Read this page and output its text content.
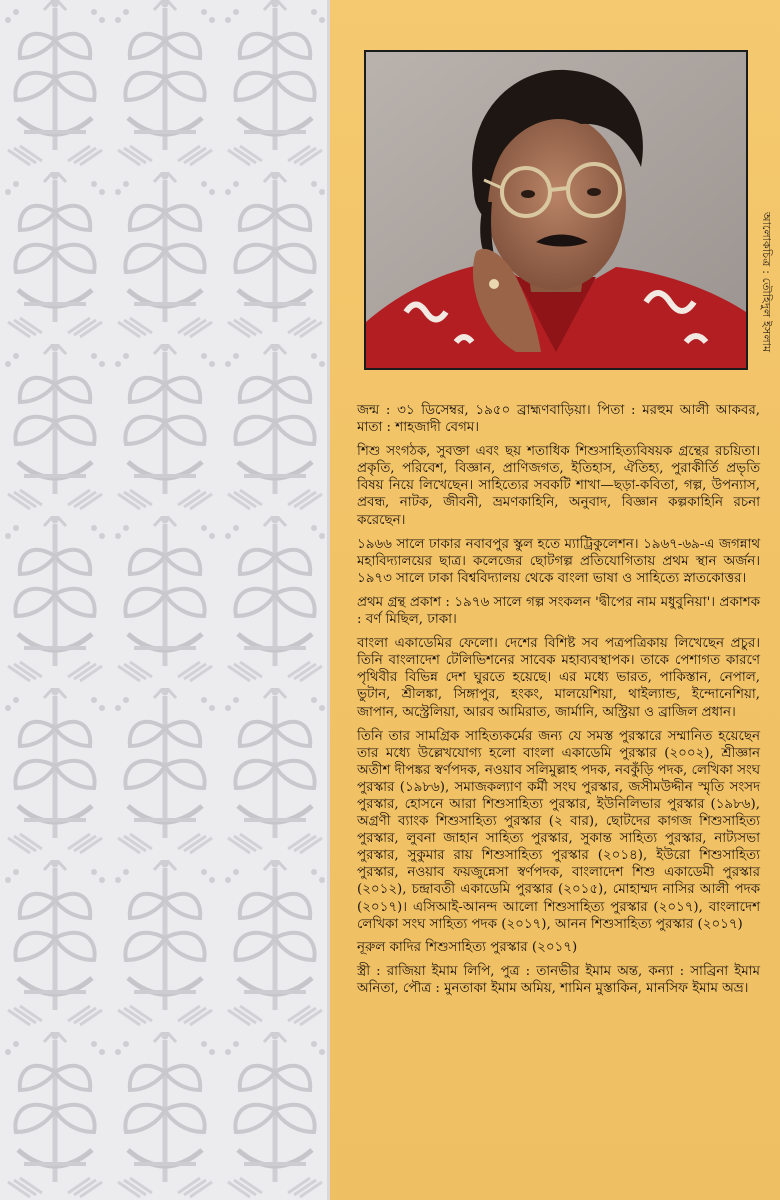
আলোকচিত্র : তৌহিদুল ইসলাম

জন্ম : ৩১ ডিসেম্বর, ১৯৫০ ব্রাহ্মণবাড়িয়া। পিতা : মরহুম আলী আকবর, মাতা : শাহজাদী বেগম।

শিশু সংগঠক, সুবক্তা এবং ছয় শতাধিক শিশুসাহিত্যবিষয়ক গ্রন্থের রচয়িতা। প্রকৃতি, পরিবেশ, বিজ্ঞান, প্রাণিজগত, ইতিহাস, ঐতিহ্য, পুরাকীর্তি প্রভৃতি বিষয় নিয়ে লিখেছেন। সাহিত্যের সবকটি শাখা—ছড়া-কবিতা, গল্প, উপন্যাস, প্রবন্ধ, নাটক, জীবনী, ভ্রমণকাহিনি, অনুবাদ, বিজ্ঞান কল্পকাহিনি রচনা করেছেন।

১৯৬৬ সালে ঢাকার নবাবপুর স্কুল হতে ম্যাট্রিকুলেশন। ১৯৬৭-৬৯-এ জগন্নাথ মহাবিদ্যালয়ের ছাত্র। কলেজের ছোটগল্প প্রতিযোগিতায় প্রথম স্থান অর্জন। ১৯৭৩ সালে ঢাকা বিশ্ববিদ্যালয় থেকে বাংলা ভাষা ও সাহিত্যে স্নাতকোত্তর।

প্রথম গ্রন্থ প্রকাশ : ১৯৭৬ সালে গল্প সংকলন 'দ্বীপের নাম মধুবুনিয়া'। প্রকাশক : বর্ণ মিছিল, ঢাকা।

বাংলা একাডেমির ফেলো। দেশের বিশিষ্ট সব পত্রপত্রিকায় লিখেছেন প্রচুর। তিনি বাংলাদেশ টেলিভিশনের সাবেক মহাব্যবস্থাপক। তাকে পেশাগত কারণে পৃথিবীর বিভিন্ন দেশ ঘুরতে হয়েছে। এর মধ্যে ভারত, পাকিস্তান, নেপাল, ভুটান, শ্রীলঙ্কা, সিঙ্গাপুর, হংকং, মালয়েশিয়া, থাইল্যান্ড, ইন্দোনেশিয়া, জাপান, অস্ট্রেলিয়া, আরব আমিরাত, জার্মানি, অস্ট্রিয়া ও ব্রাজিল প্রধান।

তিনি তার সামগ্রিক সাহিত্যকর্মের জন্য যে সমস্ত পুরস্কারে সম্মানিত হয়েছেন তার মধ্যে উল্লেখযোগ্য হলো বাংলা একাডেমি পুরস্কার (২০০২), শ্রীজ্ঞান অতীশ দীপঙ্কর স্বর্ণপদক, নওয়াব সলিমুল্লাহ পদক, নবকুঁড়ি পদক, লেখিকা সংঘ পুরস্কার (১৯৮৬), সমাজকল্যাণ কর্মী সংঘ পুরস্কার, জসীমউদ্দীন স্মৃতি সংসদ পুরস্কার, হোসনে আরা শিশুসাহিত্য পুরস্কার, ইউনিলিভার পুরস্কার (১৯৮৬), অগ্রণী ব্যাংক শিশুসাহিত্য পুরস্কার (২ বার), ছোটদের কাগজ শিশুসাহিত্য পুরস্কার, লুবনা জাহান সাহিত্য পুরস্কার, সুকান্ত সাহিত্য পুরস্কার, নাট্যসভা পুরস্কার, সুকুমার রায় শিশুসাহিত্য পুরস্কার (২০১৪), ইউরো শিশুসাহিত্য পুরস্কার, নওয়াব ফয়জুন্নেসা স্বর্ণপদক, বাংলাদেশ শিশু একাডেমী পুরস্কার (২০১২), চন্দ্রাবতী একাডেমি পুরস্কার (২০১৫), মোহাম্মদ নাসির আলী পদক (২০১৭)। এসিআই-আনন্দ আলো শিশুসাহিত্য পুরস্কার (২০১৭), বাংলাদেশ লেখিকা সংঘ সাহিত্য পদক (২০১৭), আনন শিশুসাহিত্য পুরস্কার (২০১৭)

নূরুল কাদির শিশুসাহিত্য পুরস্কার (২০১৭)

স্ত্রী : রাজিয়া ইমাম লিপি, পুত্র : তানভীর ইমাম অন্ত, কন্যা : সাব্রিনা ইমাম অনিতা, পৌত্র : মুনতাকা ইমাম অমিয়, শামিন মুস্তাকিন, মানসিফ ইমাম অভ্র।
